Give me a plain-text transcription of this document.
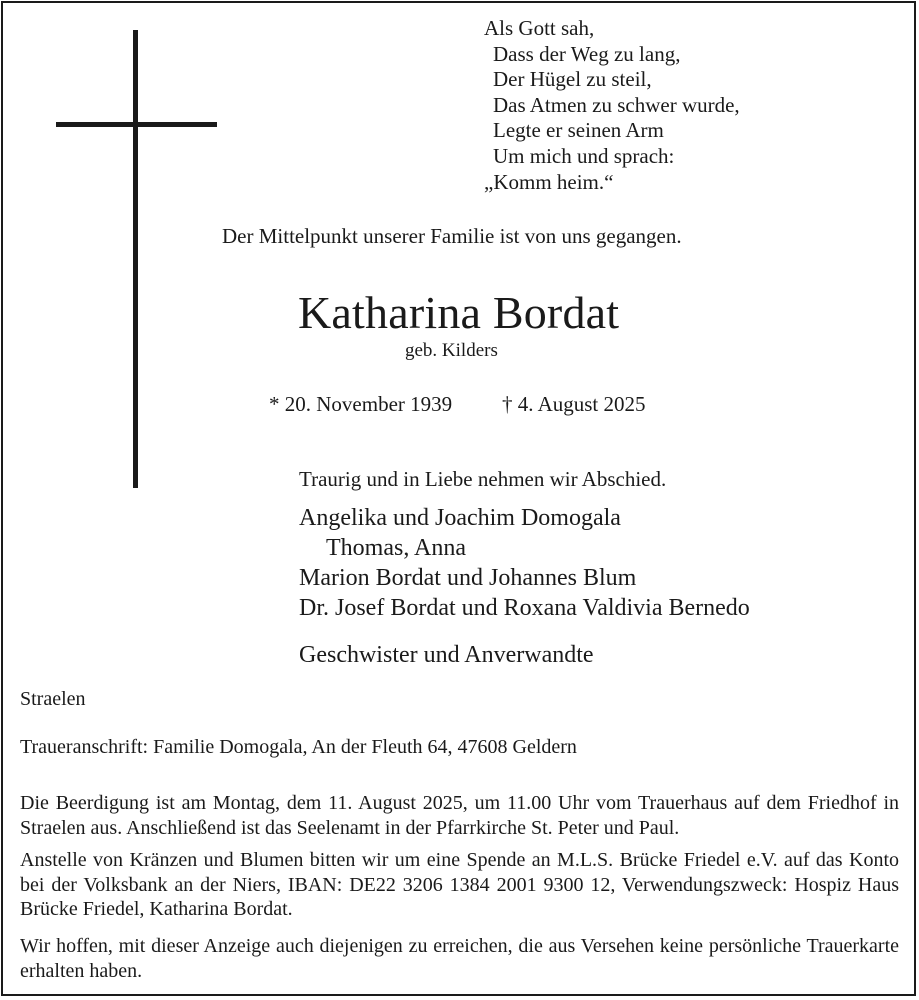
Als Gott sah,
Dass der Weg zu lang,
Der Hügel zu steil,
Das Atmen zu schwer wurde,
Legte er seinen Arm
Um mich und sprach:
„Komm heim.“
Der Mittelpunkt unserer Familie ist von uns gegangen.
Katharina Bordat
geb. Kilders
* 20. November 1939 † 4. August 2025
Traurig und in Liebe nehmen wir Abschied.
Angelika und Joachim Domogala
Thomas, Anna
Marion Bordat und Johannes Blum
Dr. Josef Bordat und Roxana Valdivia Bernedo
Geschwister und Anverwandte
Straelen
Traueranschrift: Familie Domogala, An der Fleuth 64, 47608 Geldern
Die Beerdigung ist am Montag, dem 11. August 2025, um 11.00 Uhr vom Trauerhaus auf dem Friedhof in Straelen aus. Anschließend ist das Seelenamt in der Pfarrkirche St. Peter und Paul.
Anstelle von Kränzen und Blumen bitten wir um eine Spende an M.L.S. Brücke Friedel e.V. auf das Konto bei der Volksbank an der Niers, IBAN: DE22 3206 1384 2001 9300 12, Verwendungszweck: Hospiz Haus Brücke Friedel, Katharina Bordat.
Wir hoffen, mit dieser Anzeige auch diejenigen zu erreichen, die aus Versehen keine persönliche Trauerkarte erhalten haben.
